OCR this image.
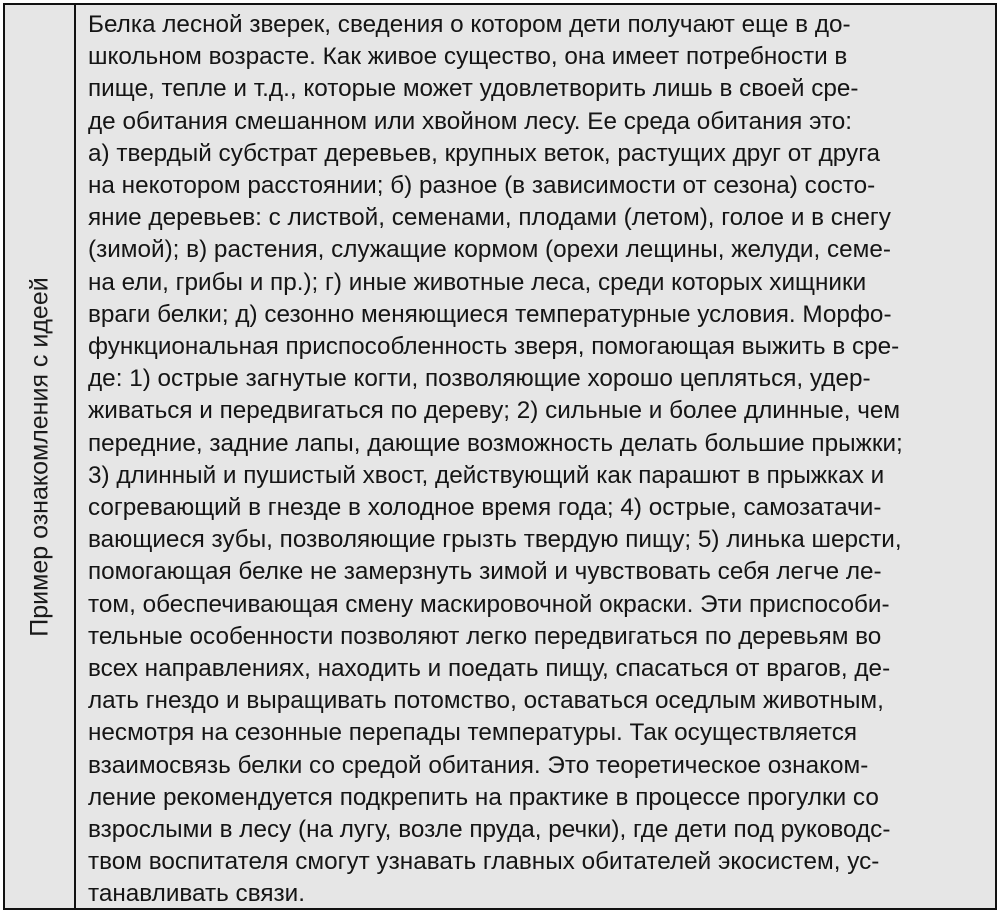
Пример ознакомления с идеей

Белка лесной зверек, сведения о котором дети получают еще в до-
школьном возрасте. Как живое существо, она имеет потребности в
пище, тепле и т.д., которые может удовлетворить лишь в своей сре-
де обитания смешанном или хвойном лесу. Ее среда обитания это:
а) твердый субстрат деревьев, крупных веток, растущих друг от друга
на некотором расстоянии; б) разное (в зависимости от сезона) состо-
яние деревьев: с листвой, семенами, плодами (летом), голое и в снегу
(зимой); в) растения, служащие кормом (орехи лещины, желуди, семе-
на ели, грибы и пр.); г) иные животные леса, среди которых хищники
враги белки; д) сезонно меняющиеся температурные условия. Морфо-
функциональная приспособленность зверя, помогающая выжить в сре-
де: 1) острые загнутые когти, позволяющие хорошо цепляться, удер-
живаться и передвигаться по дереву; 2) сильные и более длинные, чем
передние, задние лапы, дающие возможность делать большие прыжки;
3) длинный и пушистый хвост, действующий как парашют в прыжках и
согревающий в гнезде в холодное время года; 4) острые, самозатачи-
вающиеся зубы, позволяющие грызть твердую пищу; 5) линька шерсти,
помогающая белке не замерзнуть зимой и чувствовать себя легче ле-
том, обеспечивающая смену маскировочной окраски. Эти приспособи-
тельные особенности позволяют легко передвигаться по деревьям во
всех направлениях, находить и поедать пищу, спасаться от врагов, де-
лать гнездо и выращивать потомство, оставаться оседлым животным,
несмотря на сезонные перепады температуры. Так осуществляется
взаимосвязь белки со средой обитания. Это теоретическое ознаком-
ление рекомендуется подкрепить на практике в процессе прогулки со
взрослыми в лесу (на лугу, возле пруда, речки), где дети под руководс-
твом воспитателя смогут узнавать главных обитателей экосистем, ус-
танавливать связи.
